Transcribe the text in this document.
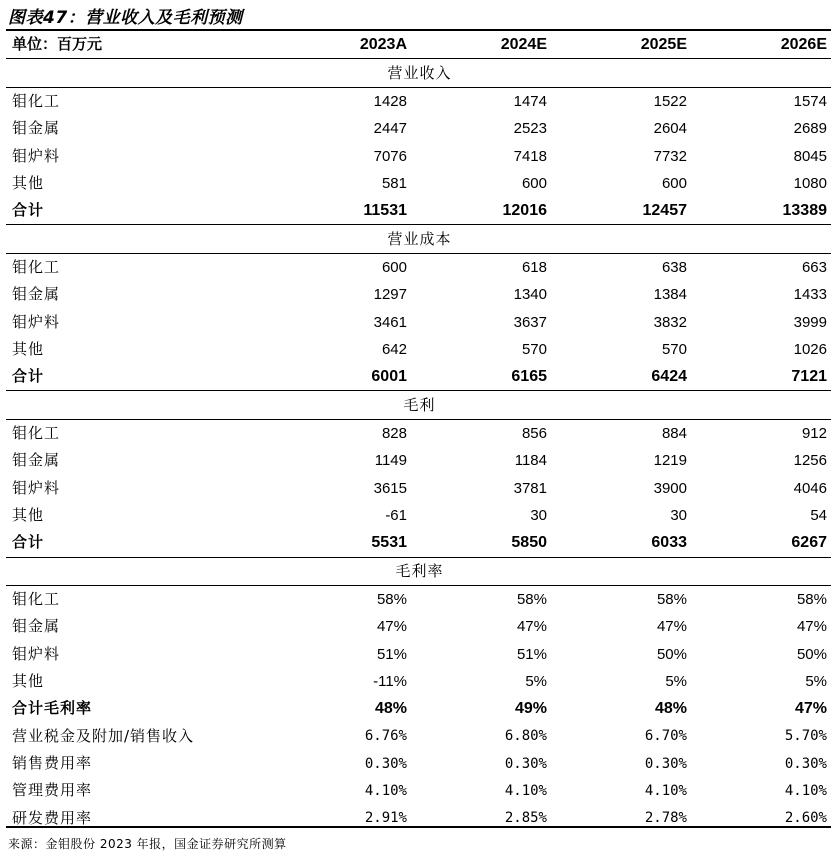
图表47：营业收入及毛利预测
单位：百万元	2023A	2024E	2025E	2026E
营业收入				
钼化工	1428	1474	1522	1574
钼金属	2447	2523	2604	2689
钼炉料	7076	7418	7732	8045
其他	581	600	600	1080
合计	11531	12016	12457	13389
营业成本				
钼化工	600	618	638	663
钼金属	1297	1340	1384	1433
钼炉料	3461	3637	3832	3999
其他	642	570	570	1026
合计	6001	6165	6424	7121
毛利				
钼化工	828	856	884	912
钼金属	1149	1184	1219	1256
钼炉料	3615	3781	3900	4046
其他	-61	30	30	54
合计	5531	5850	6033	6267
毛利率				
钼化工	58%	58%	58%	58%
钼金属	47%	47%	47%	47%
钼炉料	51%	51%	50%	50%
其他	-11%	5%	5%	5%
合计毛利率	48%	49%	48%	47%
营业税金及附加/销售收入	6.76%	6.80%	6.70%	5.70%
销售费用率	0.30%	0.30%	0.30%	0.30%
管理费用率	4.10%	4.10%	4.10%	4.10%
研发费用率	2.91%	2.85%	2.78%	2.60%
来源：金钼股份 2023 年报，国金证券研究所测算
